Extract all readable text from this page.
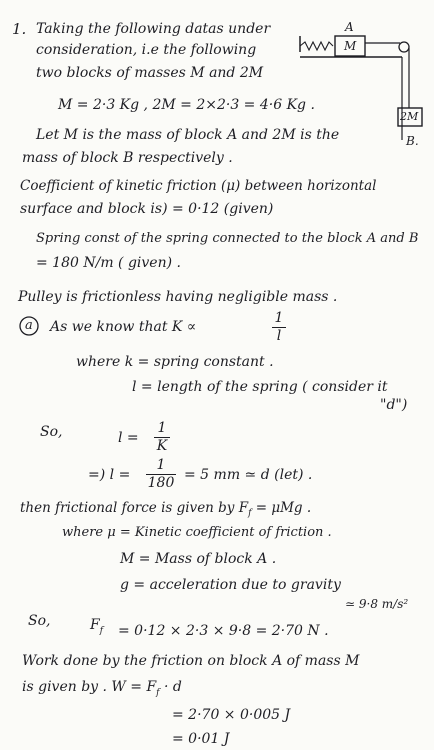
A
M
2M
B.
1. Taking the following datas under
consideration, i.e the following
two blocks of masses M and 2M
M = 2·3 Kg , 2M = 2×2·3 = 4·6 Kg .
Let M is the mass of block A and 2M is the
mass of block B respectively .
Coefficient of kinetic friction (μ) between horizontal
surface and block is) = 0·12 (given)
Spring const of the spring connected to the block A and B
= 180 N/m ( given) .
Pulley is frictionless having negligible mass .
a As we know that K ∝
1
l
where k = spring constant .
l = length of the spring ( consider it
"d")
So,	l =
1
K
=) l =
1
180 = 5 mm ≃ d (let) .
then frictional force is given by $F_f = \mu Mg$ .
where μ = Kinetic coefficient of friction .
M = Mass of block A .
g = acceleration due to gravity
≃ 9·8 m/s²
So,	$F_f = 0\cdot 12 \times 2\cdot 3 \times 9\cdot 8 = 2\cdot 70$ N .
Work done by the friction on block A of mass M
is given by . $W = F_f \cdot d$
= 2·70 × 0·005 J
= 0·01 J
